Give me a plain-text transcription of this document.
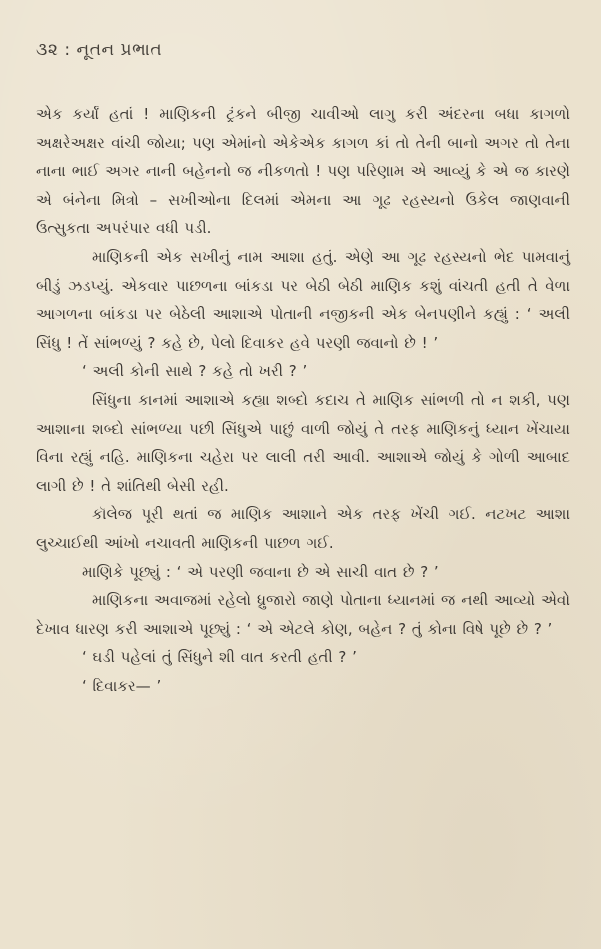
૩૨ : નૂતન પ્રભાત

એક કર્યાં હતાં ! માણિકની ટ્રંકને બીજી ચાવીઓ લાગુ કરી અંદરના બધા કાગળો અક્ષરેઅક્ષર વાંચી જોયા; પણ એમાંનો એકેએક કાગળ કાં તો તેની બાનો અગર તો તેના નાના ભાઈ અગર નાની બહેનનો જ નીકળતો ! પણ પરિણામ એ આવ્યું કે એ જ કારણે એ બંનેના મિત્રો – સખીઓના દિલમાં એમના આ ગૂઢ રહસ્યનો ઉકેલ જાણવાની ઉત્સુકતા અપરંપાર વધી પડી.

માણિકની એક સખીનું નામ આશા હતું. એણે આ ગૂઢ રહસ્યનો ભેદ પામવાનું બીડું ઝડપ્યું. એકવાર પાછળના બાંકડા પર બેઠી બેઠી માણિક કશું વાંચતી હતી તે વેળા આગળના બાંકડા પર બેઠેલી આશાએ પોતાની નજીકની એક બેનપણીને કહ્યું : ‘ અલી સિંધુ ! તેં સાંભળ્યું ? કહે છે, પેલો દિવાકર હવે પરણી જવાનો છે ! ’

‘ અલી કોની સાથે ? કહે તો ખરી ? ’

સિંધુના કાનમાં આશાએ કહ્યા શબ્દો કદાચ તે માણિક સાંભળી તો ન શકી, પણ આશાના શબ્દો સાંભળ્યા પછી સિંધુએ પાછું વાળી જોયું તે તરફ માણિકનું ધ્યાન ખેંચાયા વિના રહ્યું નહિ. માણિકના ચહેરા પર લાલી તરી આવી. આશાએ જોયું કે ગોળી આબાદ લાગી છે ! તે શાંતિથી બેસી રહી.

કૉલેજ પૂરી થતાં જ માણિક આશાને એક તરફ ખેંચી ગઈ. નટખટ આશા લુચ્ચાઈથી આંખો નચાવતી માણિકની પાછળ ગઈ.

માણિકે પૂછ્યું : ‘ એ પરણી જવાના છે એ સાચી વાત છે ? ’

માણિકના અવાજમાં રહેલો ધ્રુજારો જાણે પોતાના ધ્યાનમાં જ નથી આવ્યો એવો દેખાવ ધારણ કરી આશાએ પૂછ્યું : ‘ એ એટલે કોણ, બહેન ? તું કોના વિષે પૂછે છે ? ’

‘ ઘડી પહેલાં તું સિંધુને શી વાત કરતી હતી ? ’

‘ દિવાકર— ’
